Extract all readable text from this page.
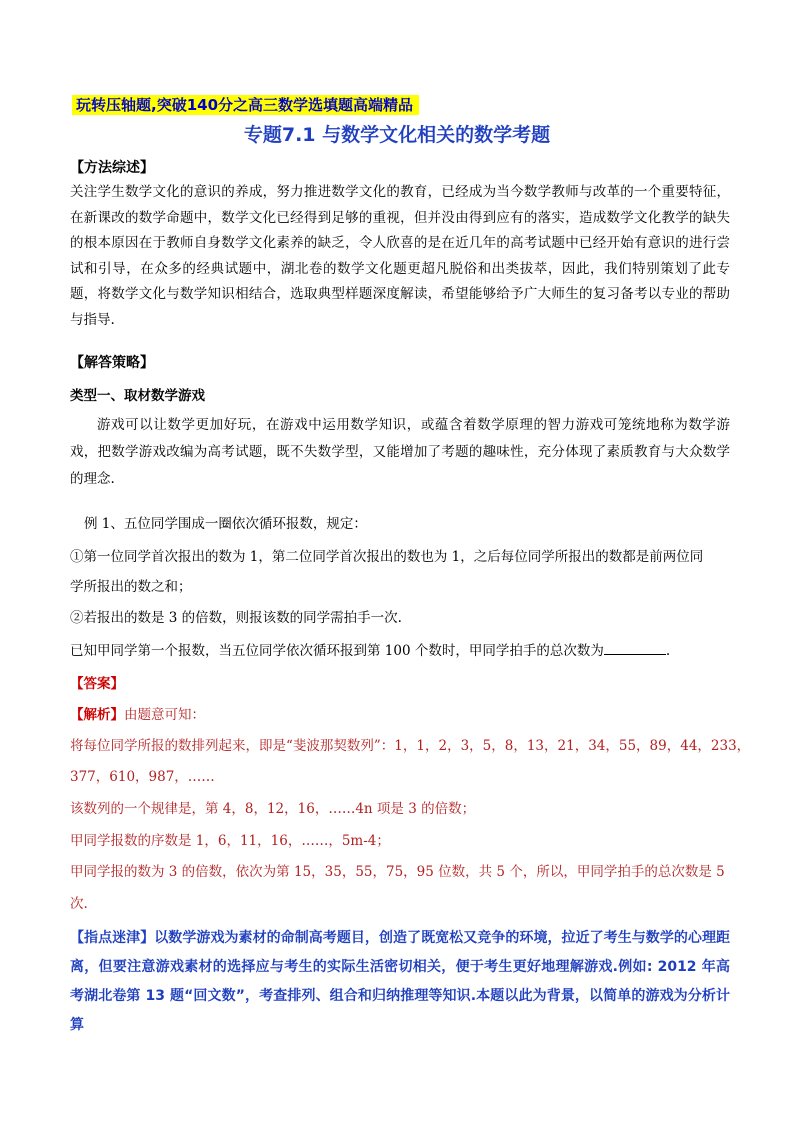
玩转压轴题,突破140分之高三数学选填题高端精品
专题7.1 与数学文化相关的数学考题
【方法综述】
关注学生数学文化的意识的养成，努力推进数学文化的教育，已经成为当今数学教师与改革的一个重要特征，在新课改的数学命题中，数学文化已经得到足够的重视，但并没由得到应有的落实，造成数学文化教学的缺失的根本原因在于教师自身数学文化素养的缺乏，令人欣喜的是在近几年的高考试题中已经开始有意识的进行尝试和引导，在众多的经典试题中，湖北卷的数学文化题更超凡脱俗和出类拔萃，因此，我们特别策划了此专题，将数学文化与数学知识相结合，选取典型样题深度解读，希望能够给予广大师生的复习备考以专业的帮助与指导.
【解答策略】
类型一、取材数学游戏
游戏可以让数学更加好玩，在游戏中运用数学知识，或蕴含着数学原理的智力游戏可笼统地称为数学游戏，把数学游戏改编为高考试题，既不失数学型，又能增加了考题的趣味性，充分体现了素质教育与大众数学的理念.
例 1、五位同学围成一圈依次循环报数，规定：
①第一位同学首次报出的数为 1，第二位同学首次报出的数也为 1，之后每位同学所报出的数都是前两位同
学所报出的数之和；
②若报出的数是 3 的倍数，则报该数的同学需拍手一次.
已知甲同学第一个报数，当五位同学依次循环报到第 100 个数时，甲同学拍手的总次数为	.
【答案】
【解析】由题意可知：
将每位同学所报的数排列起来，即是“斐波那契数列”：1，1，2，3，5，8，13，21，34，55，89，44，233，
377，610，987，……
该数列的一个规律是，第 4，8，12，16，……4n 项是 3 的倍数；
甲同学报数的序数是 1，6，11，16，……，5m-4；
甲同学报的数为 3 的倍数，依次为第 15，35，55，75，95 位数，共 5 个，所以，甲同学拍手的总次数是 5
次.
【指点迷津】以数学游戏为素材的命制高考题目，创造了既宽松又竞争的环境，拉近了考生与数学的心理距离，但要注意游戏素材的选择应与考生的实际生活密切相关，便于考生更好地理解游戏.例如: 2012 年高考湖北卷第 13 题“回文数”，考查排列、组合和归纳推理等知识.本题以此为背景，以简单的游戏为分析计算
